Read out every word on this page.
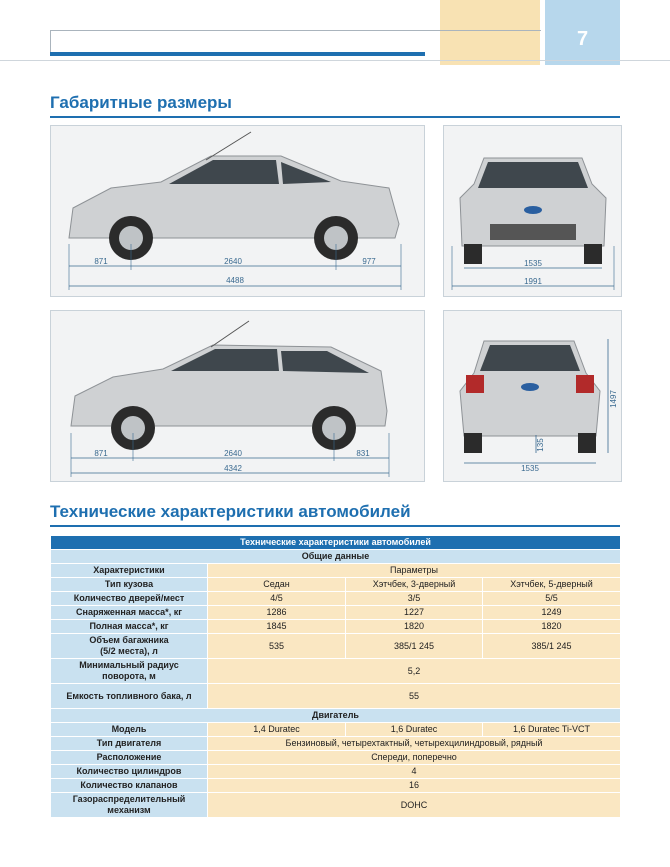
7
Габаритные размеры
871	2640	977
4488
1535
1991
871	2640	831
4342	1535
1497
135
Технические характеристики автомобилей
Технические характеристики автомобилей			
Общие данные			
Характеристики	Параметры		
Тип кузова	Седан	Хэтчбек, 3-дверный	Хэтчбек, 5-дверный
Количество дверей/мест	4/5	3/5	5/5
Снаряженная масса*, кг	1286	1227	1249
Полная масса*, кг	1845	1820	1820

Объем багажника
(5/2 места), л	535	385/1 245	385/1 245

Минимальный радиус
поворота, м	5,2		
Емкость топливного бака, л	55		
Двигатель			
Модель	1,4 Duratec	1,6 Duratec	1,6 Duratec Ti-VCT
Тип двигателя	Бензиновый, четырехтактный, четырехцилиндровый, рядный		
Расположение	Спереди, поперечно		
Количество цилиндров	4		
Количество клапанов	16		

Газораспределительный
механизм	DOHC		
